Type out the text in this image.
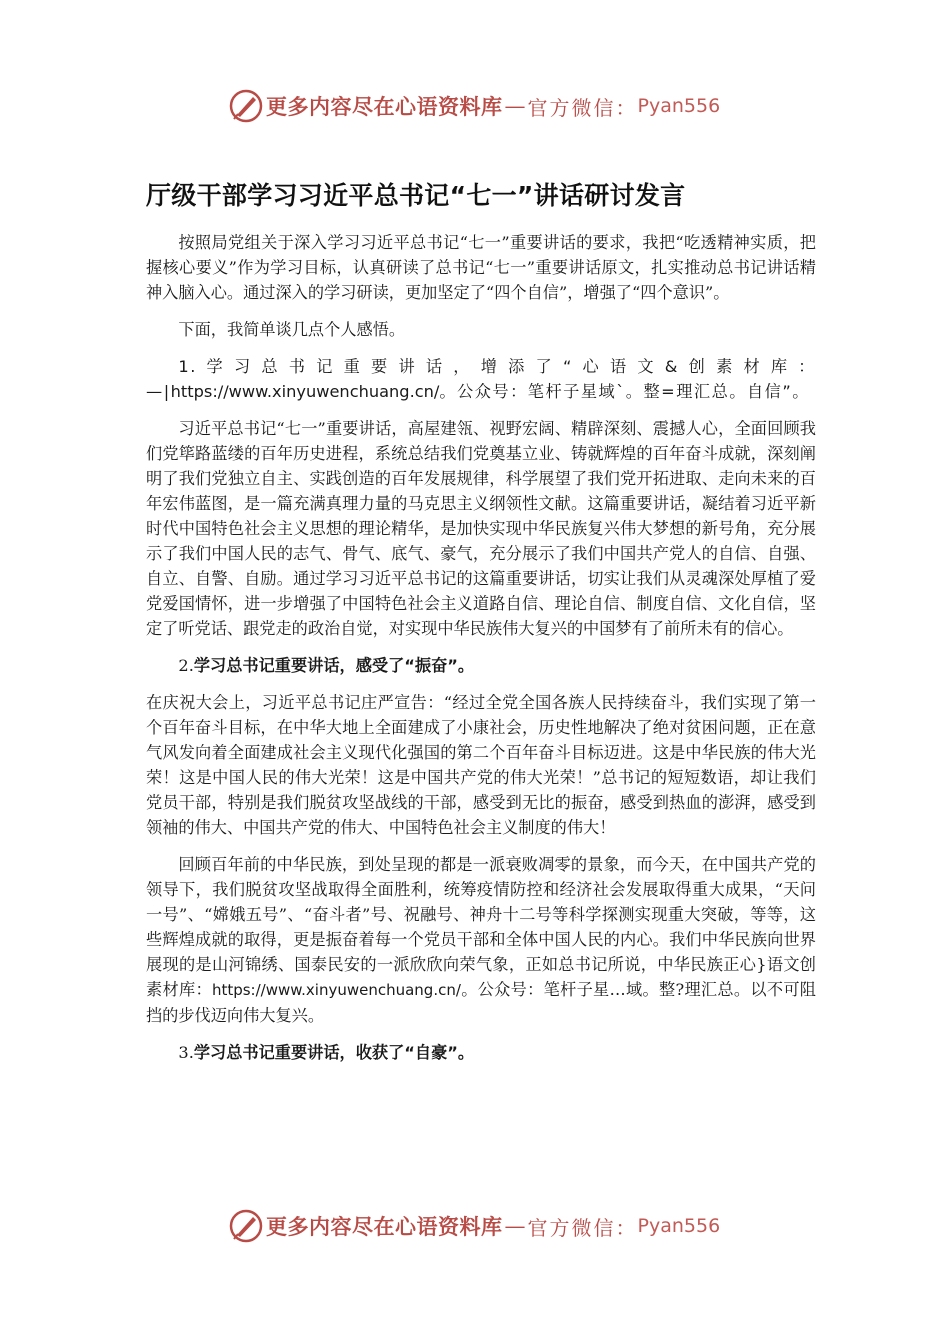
更多内容尽在心语资料库 — 官方微信： Pyan556
厅级干部学习习近平总书记“七一”讲话研讨发言

按照局党组关于深入学习习近平总书记“七一”重要讲话的要求，我把“吃透精神实质，把握核心要义”作为学习目标，认真研读了总书记“七一”重要讲话原文，扎实推动总书记讲话精神入脑入心。通过深入的学习研读，更加坚定了“四个自信”，增强了“四个意识”。

下面，我简单谈几点个人感悟。

1.学习总书记重要讲话，增添了“心语文&创素材库：—|https://www.xinyuwenchuang.cn/。公众号：笔杆子星域`。整=理汇总。自信”。

习近平总书记“七一”重要讲话，高屋建瓴、视野宏阔、精辟深刻、震撼人心，全面回顾我们党筚路蓝缕的百年历史进程，系统总结我们党奠基立业、铸就辉煌的百年奋斗成就，深刻阐明了我们党独立自主、实践创造的百年发展规律，科学展望了我们党开拓进取、走向未来的百年宏伟蓝图，是一篇充满真理力量的马克思主义纲领性文献。这篇重要讲话，凝结着习近平新时代中国特色社会主义思想的理论精华，是加快实现中华民族复兴伟大梦想的新号角，充分展示了我们中国人民的志气、骨气、底气、豪气，充分展示了我们中国共产党人的自信、自强、自立、自警、自励。通过学习习近平总书记的这篇重要讲话，切实让我们从灵魂深处厚植了爱党爱国情怀，进一步增强了中国特色社会主义道路自信、理论自信、制度自信、文化自信，坚定了听党话、跟党走的政治自觉，对实现中华民族伟大复兴的中国梦有了前所未有的信心。

2.学习总书记重要讲话，感受了“振奋”。

在庆祝大会上，习近平总书记庄严宣告：“经过全党全国各族人民持续奋斗，我们实现了第一个百年奋斗目标，在中华大地上全面建成了小康社会，历史性地解决了绝对贫困问题，正在意气风发向着全面建成社会主义现代化强国的第二个百年奋斗目标迈进。这是中华民族的伟大光荣！这是中国人民的伟大光荣！这是中国共产党的伟大光荣！”总书记的短短数语，却让我们党员干部，特别是我们脱贫攻坚战线的干部，感受到无比的振奋，感受到热血的澎湃，感受到领袖的伟大、中国共产党的伟大、中国特色社会主义制度的伟大！

回顾百年前的中华民族，到处呈现的都是一派衰败凋零的景象，而今天，在中国共产党的领导下，我们脱贫攻坚战取得全面胜利，统筹疫情防控和经济社会发展取得重大成果，“天问一号”、“嫦娥五号”、“奋斗者”号、祝融号、神舟十二号等科学探测实现重大突破，等等，这些辉煌成就的取得，更是振奋着每一个党员干部和全体中国人民的内心。我们中华民族向世界展现的是山河锦绣、国泰民安的一派欣欣向荣气象，正如总书记所说，中华民族正心}语文创素材库：https://www.xinyuwenchuang.cn/。公众号：笔杆子星…域。整?理汇总。以不可阻挡的步伐迈向伟大复兴。

3.学习总书记重要讲话，收获了“自豪”。

更多内容尽在心语资料库 — 官方微信： Pyan556
